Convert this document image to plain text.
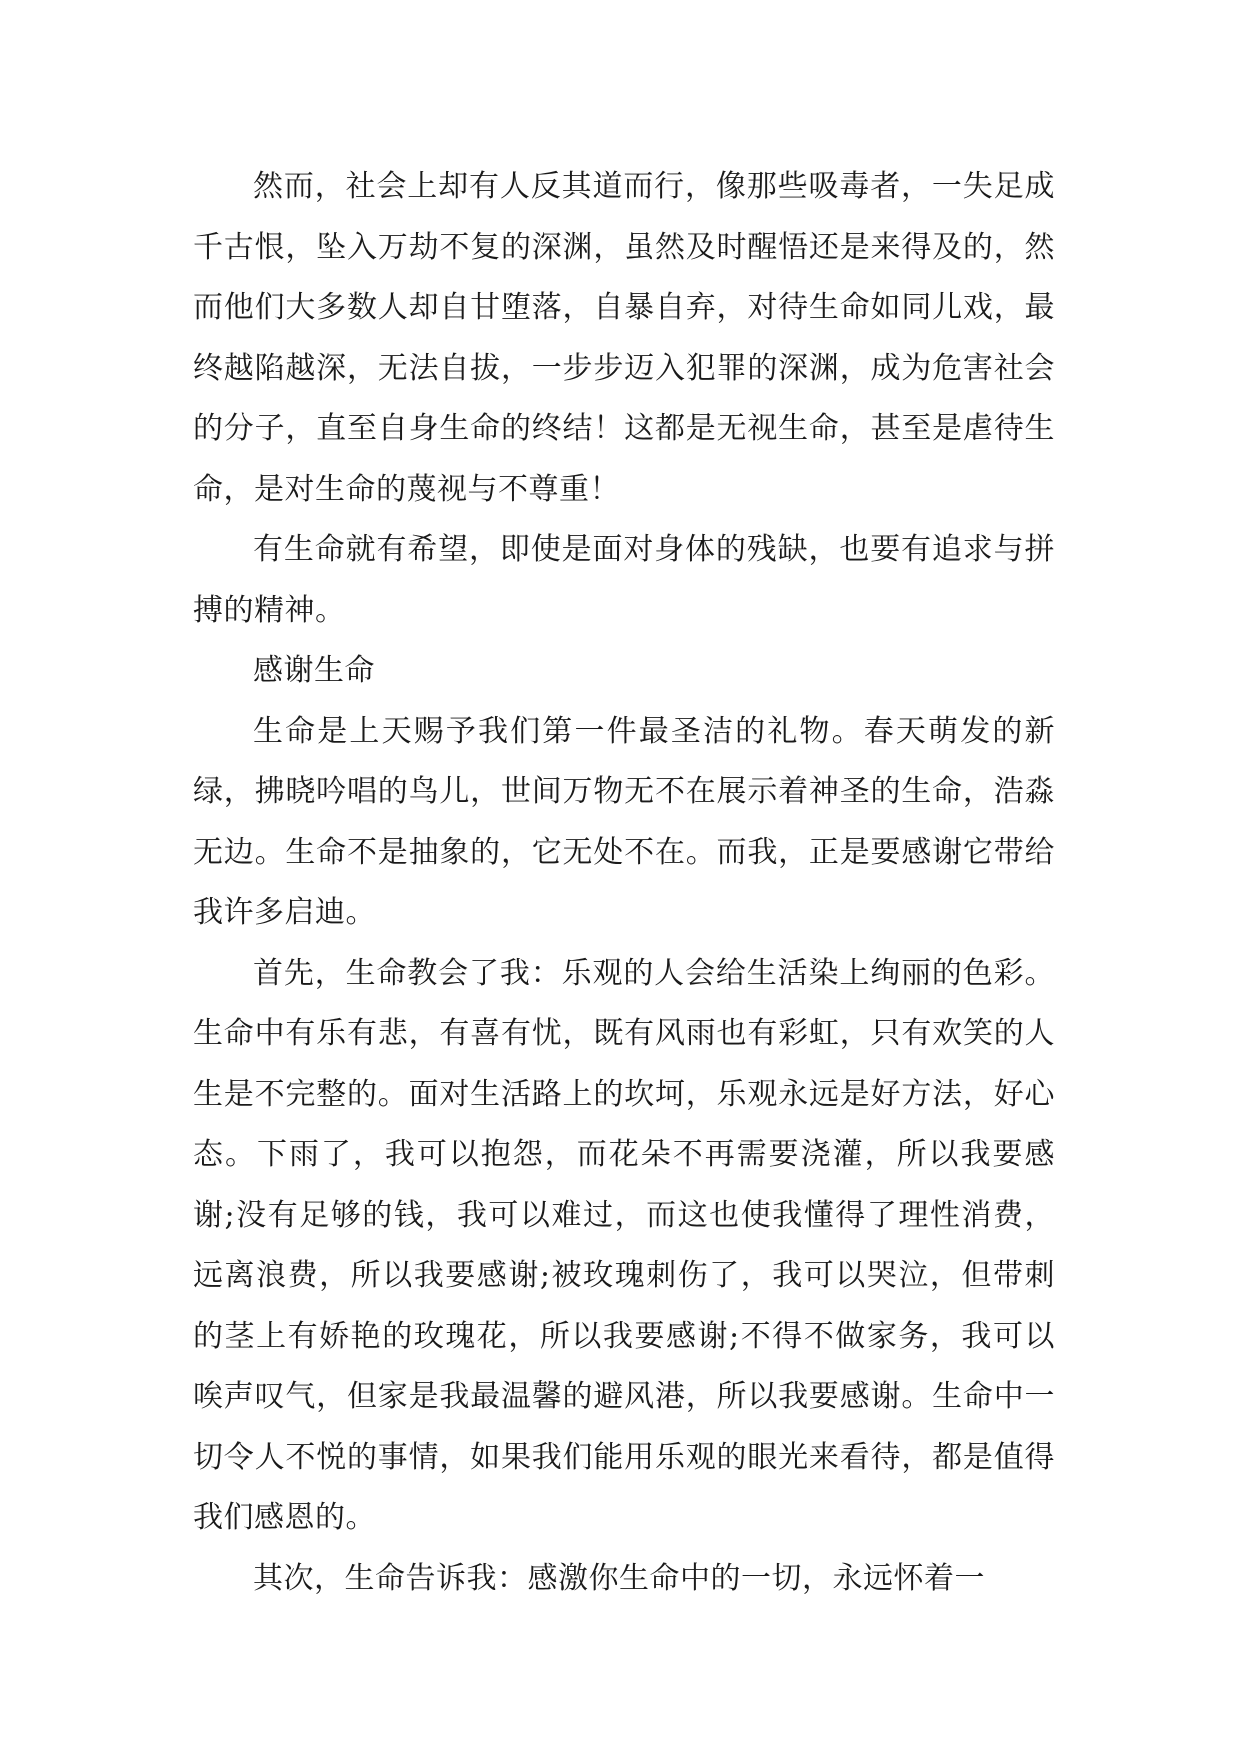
然而，社会上却有人反其道而行，像那些吸毒者，一失足成千古恨，坠入万劫不复的深渊，虽然及时醒悟还是来得及的，然而他们大多数人却自甘堕落，自暴自弃，对待生命如同儿戏，最终越陷越深，无法自拔，一步步迈入犯罪的深渊，成为危害社会的分子，直至自身生命的终结！这都是无视生命，甚至是虐待生命，是对生命的蔑视与不尊重！

有生命就有希望，即使是面对身体的残缺，也要有追求与拼搏的精神。

感谢生命

生命是上天赐予我们第一件最圣洁的礼物。春天萌发的新绿，拂晓吟唱的鸟儿，世间万物无不在展示着神圣的生命，浩淼无边。生命不是抽象的，它无处不在。而我，正是要感谢它带给我许多启迪。

首先，生命教会了我：乐观的人会给生活染上绚丽的色彩。生命中有乐有悲，有喜有忧，既有风雨也有彩虹，只有欢笑的人生是不完整的。面对生活路上的坎坷，乐观永远是好方法，好心态。下雨了，我可以抱怨，而花朵不再需要浇灌，所以我要感谢;没有足够的钱，我可以难过，而这也使我懂得了理性消费，远离浪费，所以我要感谢;被玫瑰刺伤了，我可以哭泣，但带刺的茎上有娇艳的玫瑰花，所以我要感谢;不得不做家务，我可以唉声叹气，但家是我最温馨的避风港，所以我要感谢。生命中一切令人不悦的事情，如果我们能用乐观的眼光来看待，都是值得我们感恩的。

其次，生命告诉我：感激你生命中的一切，永远怀着一
